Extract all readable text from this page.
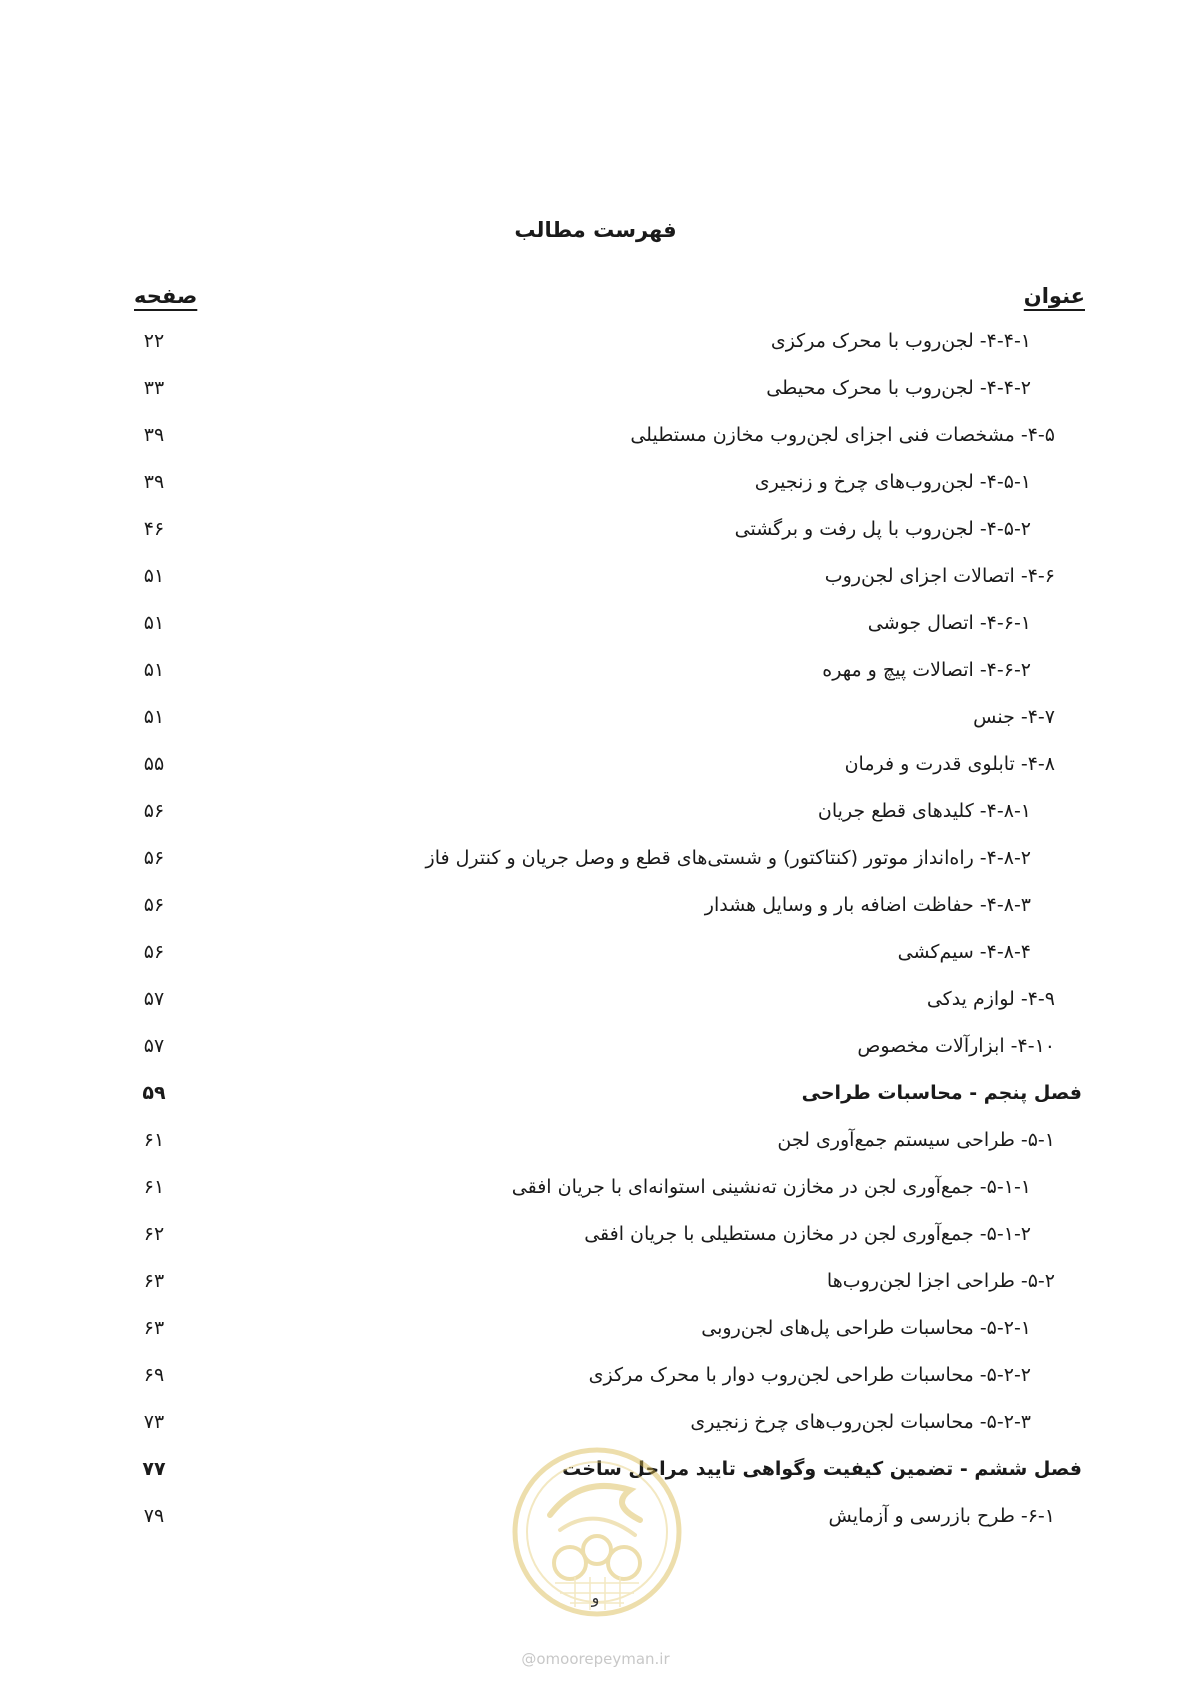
فهرست مطالب
عنوان
صفحه
۴-۴-۱- لجن‌روب با محرک مرکزی
۲۲
۴-۴-۲- لجن‌روب با محرک محیطی
۳۳
۴-۵- مشخصات فنی اجزای لجن‌روب مخازن مستطیلی
۳۹
۴-۵-۱- لجن‌روب‌های چرخ و زنجیری
۳۹
۴-۵-۲- لجن‌روب با پل رفت و برگشتی
۴۶
۴-۶- اتصالات اجزای لجن‌روب
۵۱
۴-۶-۱- اتصال جوشی
۵۱
۴-۶-۲- اتصالات پیچ و مهره
۵۱
۴-۷- جنس
۵۱
۴-۸- تابلوی قدرت و فرمان
۵۵
۴-۸-۱- کلیدهای قطع جریان
۵۶
۴-۸-۲- راه‌انداز موتور (کنتاکتور) و شستی‌های قطع و وصل جریان و کنترل فاز
۵۶
۴-۸-۳- حفاظت اضافه بار و وسایل هشدار
۵۶
۴-۸-۴- سیم‌کشی
۵۶
۴-۹- لوازم یدکی
۵۷
۴-۱۰- ابزارآلات مخصوص
۵۷
فصل پنجم - محاسبات طراحی
۵۹
۵-۱- طراحی سیستم جمع‌آوری لجن
۶۱
۵-۱-۱- جمع‌آوری لجن در مخازن ته‌نشینی استوانه‌ای با جریان افقی
۶۱
۵-۱-۲- جمع‌آوری لجن در مخازن مستطیلی با جریان افقی
۶۲
۵-۲- طراحی اجزا لجن‌روب‌ها
۶۳
۵-۲-۱- محاسبات طراحی پل‌های لجن‌روبی
۶۳
۵-۲-۲- محاسبات طراحی لجن‌روب دوار با محرک مرکزی
۶۹
۵-۲-۳- محاسبات لجن‌روب‌های چرخ زنجیری
۷۳
فصل ششم - تضمین کیفیت وگواهی تایید مراحل ساخت
۷۷
۶-۱- طرح بازرسی و آزمایش
۷۹
و
@omoorepeyman.ir
